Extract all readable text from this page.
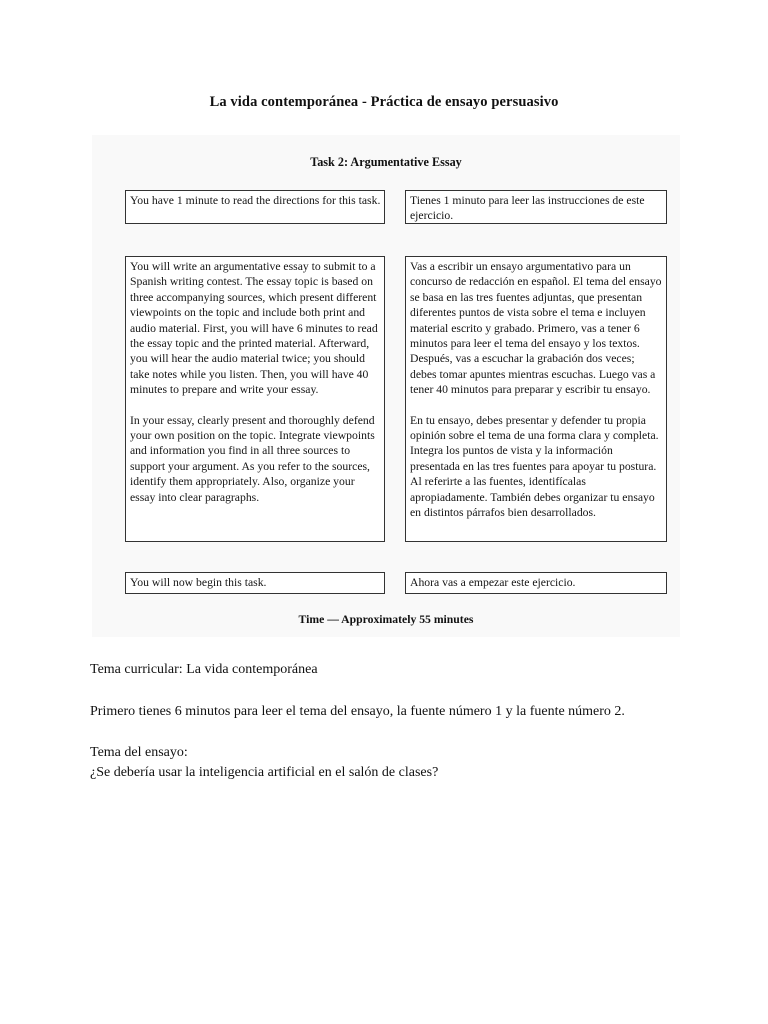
La vida contemporánea - Práctica de ensayo persuasivo
Task 2: Argumentative Essay

You have 1 minute to read the directions for this task.	Tienes 1 minuto para leer las instrucciones de este ejercicio.

You will write an argumentative essay to submit to a Spanish writing contest. The essay topic is based on three accompanying sources, which present different viewpoints on the topic and include both print and audio material. First, you will have 6 minutes to read the essay topic and the printed material. Afterward, you will hear the audio material twice; you should take notes while you listen. Then, you will have 40 minutes to prepare and write your essay.

In your essay, clearly present and thoroughly defend your own position on the topic. Integrate viewpoints and information you find in all three sources to support your argument. As you refer to the sources, identify them appropriately. Also, organize your essay into clear paragraphs.

Vas a escribir un ensayo argumentativo para un concurso de redacción en español. El tema del ensayo se basa en las tres fuentes adjuntas, que presentan diferentes puntos de vista sobre el tema e incluyen material escrito y grabado. Primero, vas a tener 6 minutos para leer el tema del ensayo y los textos. Después, vas a escuchar la grabación dos veces; debes tomar apuntes mientras escuchas. Luego vas a tener 40 minutos para preparar y escribir tu ensayo.

En tu ensayo, debes presentar y defender tu propia opinión sobre el tema de una forma clara y completa. Integra los puntos de vista y la información presentada en las tres fuentes para apoyar tu postura. Al referirte a las fuentes, identifícalas apropiadamente. También debes organizar tu ensayo en distintos párrafos bien desarrollados.

You will now begin this task.	Ahora vas a empezar este ejercicio.

Time — Approximately 55 minutes
Tema curricular: La vida contemporánea
Primero tienes 6 minutos para leer el tema del ensayo, la fuente número 1 y la fuente número 2.
Tema del ensayo:
¿Se debería usar la inteligencia artificial en el salón de clases?
